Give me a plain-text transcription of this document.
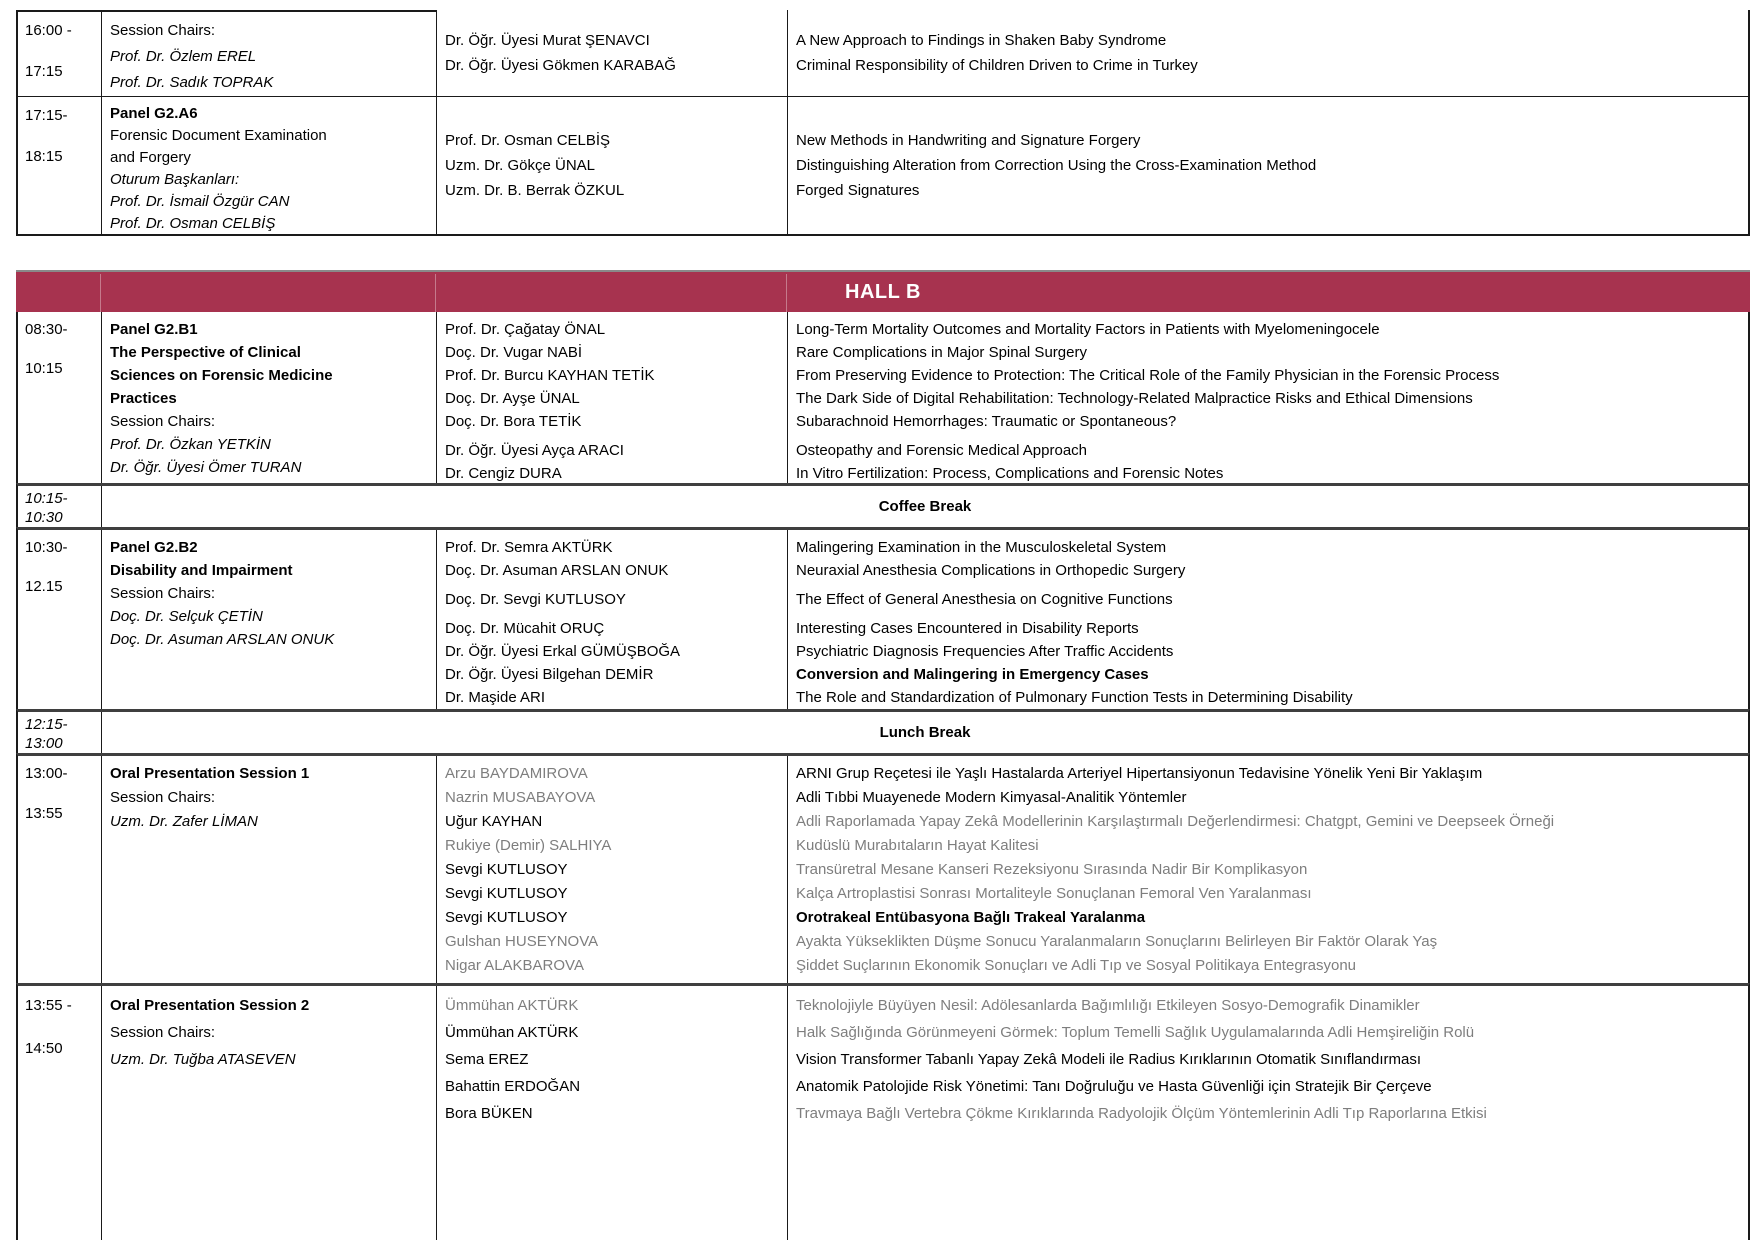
16:00 -
17:15
Session Chairs:
Prof. Dr. Özlem EREL
Prof. Dr. Sadık TOPRAK
Dr. Öğr. Üyesi Murat ŞENAVCI
Dr. Öğr. Üyesi Gökmen KARABAĞ
A New Approach to Findings in Shaken Baby Syndrome
Criminal Responsibility of Children Driven to Crime in Turkey
17:15-
18:15
Panel G2.A6
Forensic Document Examination
and Forgery
Oturum Başkanları:
Prof. Dr. İsmail Özgür CAN
Prof. Dr. Osman CELBİŞ
Prof. Dr. Osman CELBİŞ
Uzm. Dr. Gökçe ÜNAL
Uzm. Dr. B. Berrak ÖZKUL
New Methods in Handwriting and Signature Forgery
Distinguishing Alteration from Correction Using the Cross-Examination Method
Forged Signatures
HALL B
08:30-
10:15
Panel G2.B1
The Perspective of Clinical
Sciences on Forensic Medicine
Practices
Session Chairs:
Prof. Dr. Özkan YETKİN
Dr. Öğr. Üyesi Ömer TURAN
Prof. Dr. Çağatay ÖNAL
Doç. Dr. Vugar NABİ
Prof. Dr. Burcu KAYHAN TETİK
Doç. Dr. Ayşe ÜNAL
Doç. Dr. Bora TETİK
Dr. Öğr. Üyesi Ayça ARACI
Dr. Cengiz DURA
Long-Term Mortality Outcomes and Mortality Factors in Patients with Myelomeningocele
Rare Complications in Major Spinal Surgery
From Preserving Evidence to Protection: The Critical Role of the Family Physician in the Forensic Process
The Dark Side of Digital Rehabilitation: Technology-Related Malpractice Risks and Ethical Dimensions
Subarachnoid Hemorrhages: Traumatic or Spontaneous?
Osteopathy and Forensic Medical Approach
In Vitro Fertilization: Process, Complications and Forensic Notes
10:15-
10:30
Coffee Break
10:30-
12.15
Panel G2.B2
Disability and Impairment
Session Chairs:
Doç. Dr. Selçuk ÇETİN
Doç. Dr. Asuman ARSLAN ONUK
Prof. Dr. Semra AKTÜRK
Doç. Dr. Asuman ARSLAN ONUK
Doç. Dr. Sevgi KUTLUSOY
Doç. Dr. Mücahit ORUÇ
Dr. Öğr. Üyesi Erkal GÜMÜŞBOĞA
Dr. Öğr. Üyesi Bilgehan DEMİR
Dr. Maşide ARI
Malingering Examination in the Musculoskeletal System
Neuraxial Anesthesia Complications in Orthopedic Surgery
The Effect of General Anesthesia on Cognitive Functions
Interesting Cases Encountered in Disability Reports
Psychiatric Diagnosis Frequencies After Traffic Accidents
Conversion and Malingering in Emergency Cases
The Role and Standardization of Pulmonary Function Tests in Determining Disability
12:15-
13:00
Lunch Break
13:00-
13:55
Oral Presentation Session 1
Session Chairs:
Uzm. Dr. Zafer LİMAN
Arzu BAYDAMIROVA
Nazrin MUSABAYOVA
Uğur KAYHAN
Rukiye (Demir) SALHIYA
Sevgi KUTLUSOY
Sevgi KUTLUSOY
Sevgi KUTLUSOY
Gulshan HUSEYNOVA
Nigar ALAKBAROVA
ARNI Grup Reçetesi ile Yaşlı Hastalarda Arteriyel Hipertansiyonun Tedavisine Yönelik Yeni Bir Yaklaşım
Adli Tıbbi Muayenede Modern Kimyasal-Analitik Yöntemler
Adli Raporlamada Yapay Zekâ Modellerinin Karşılaştırmalı Değerlendirmesi: Chatgpt, Gemini ve Deepseek Örneği
Kudüslü Murabıtaların Hayat Kalitesi
Transüretral Mesane Kanseri Rezeksiyonu Sırasında Nadir Bir Komplikasyon
Kalça Artroplastisi Sonrası Mortaliteyle Sonuçlanan Femoral Ven Yaralanması
Orotrakeal Entübasyona Bağlı Trakeal Yaralanma
Ayakta Yükseklikten Düşme Sonucu Yaralanmaların Sonuçlarını Belirleyen Bir Faktör Olarak Yaş
Şiddet Suçlarının Ekonomik Sonuçları ve Adli Tıp ve Sosyal Politikaya Entegrasyonu
13:55 -
14:50
Oral Presentation Session 2
Session Chairs:
Uzm. Dr. Tuğba ATASEVEN
Ümmühan AKTÜRK
Ümmühan AKTÜRK
Sema EREZ
Bahattin ERDOĞAN
Bora BÜKEN
Teknolojiyle Büyüyen Nesil: Adölesanlarda Bağımlılığı Etkileyen Sosyo-Demografik Dinamikler
Halk Sağlığında Görünmeyeni Görmek: Toplum Temelli Sağlık Uygulamalarında Adli Hemşireliğin Rolü
Vision Transformer Tabanlı Yapay Zekâ Modeli ile Radius Kırıklarının Otomatik Sınıflandırması
Anatomik Patolojide Risk Yönetimi: Tanı Doğruluğu ve Hasta Güvenliği için Stratejik Bir Çerçeve
Travmaya Bağlı Vertebra Çökme Kırıklarında Radyolojik Ölçüm Yöntemlerinin Adli Tıp Raporlarına Etkisi
